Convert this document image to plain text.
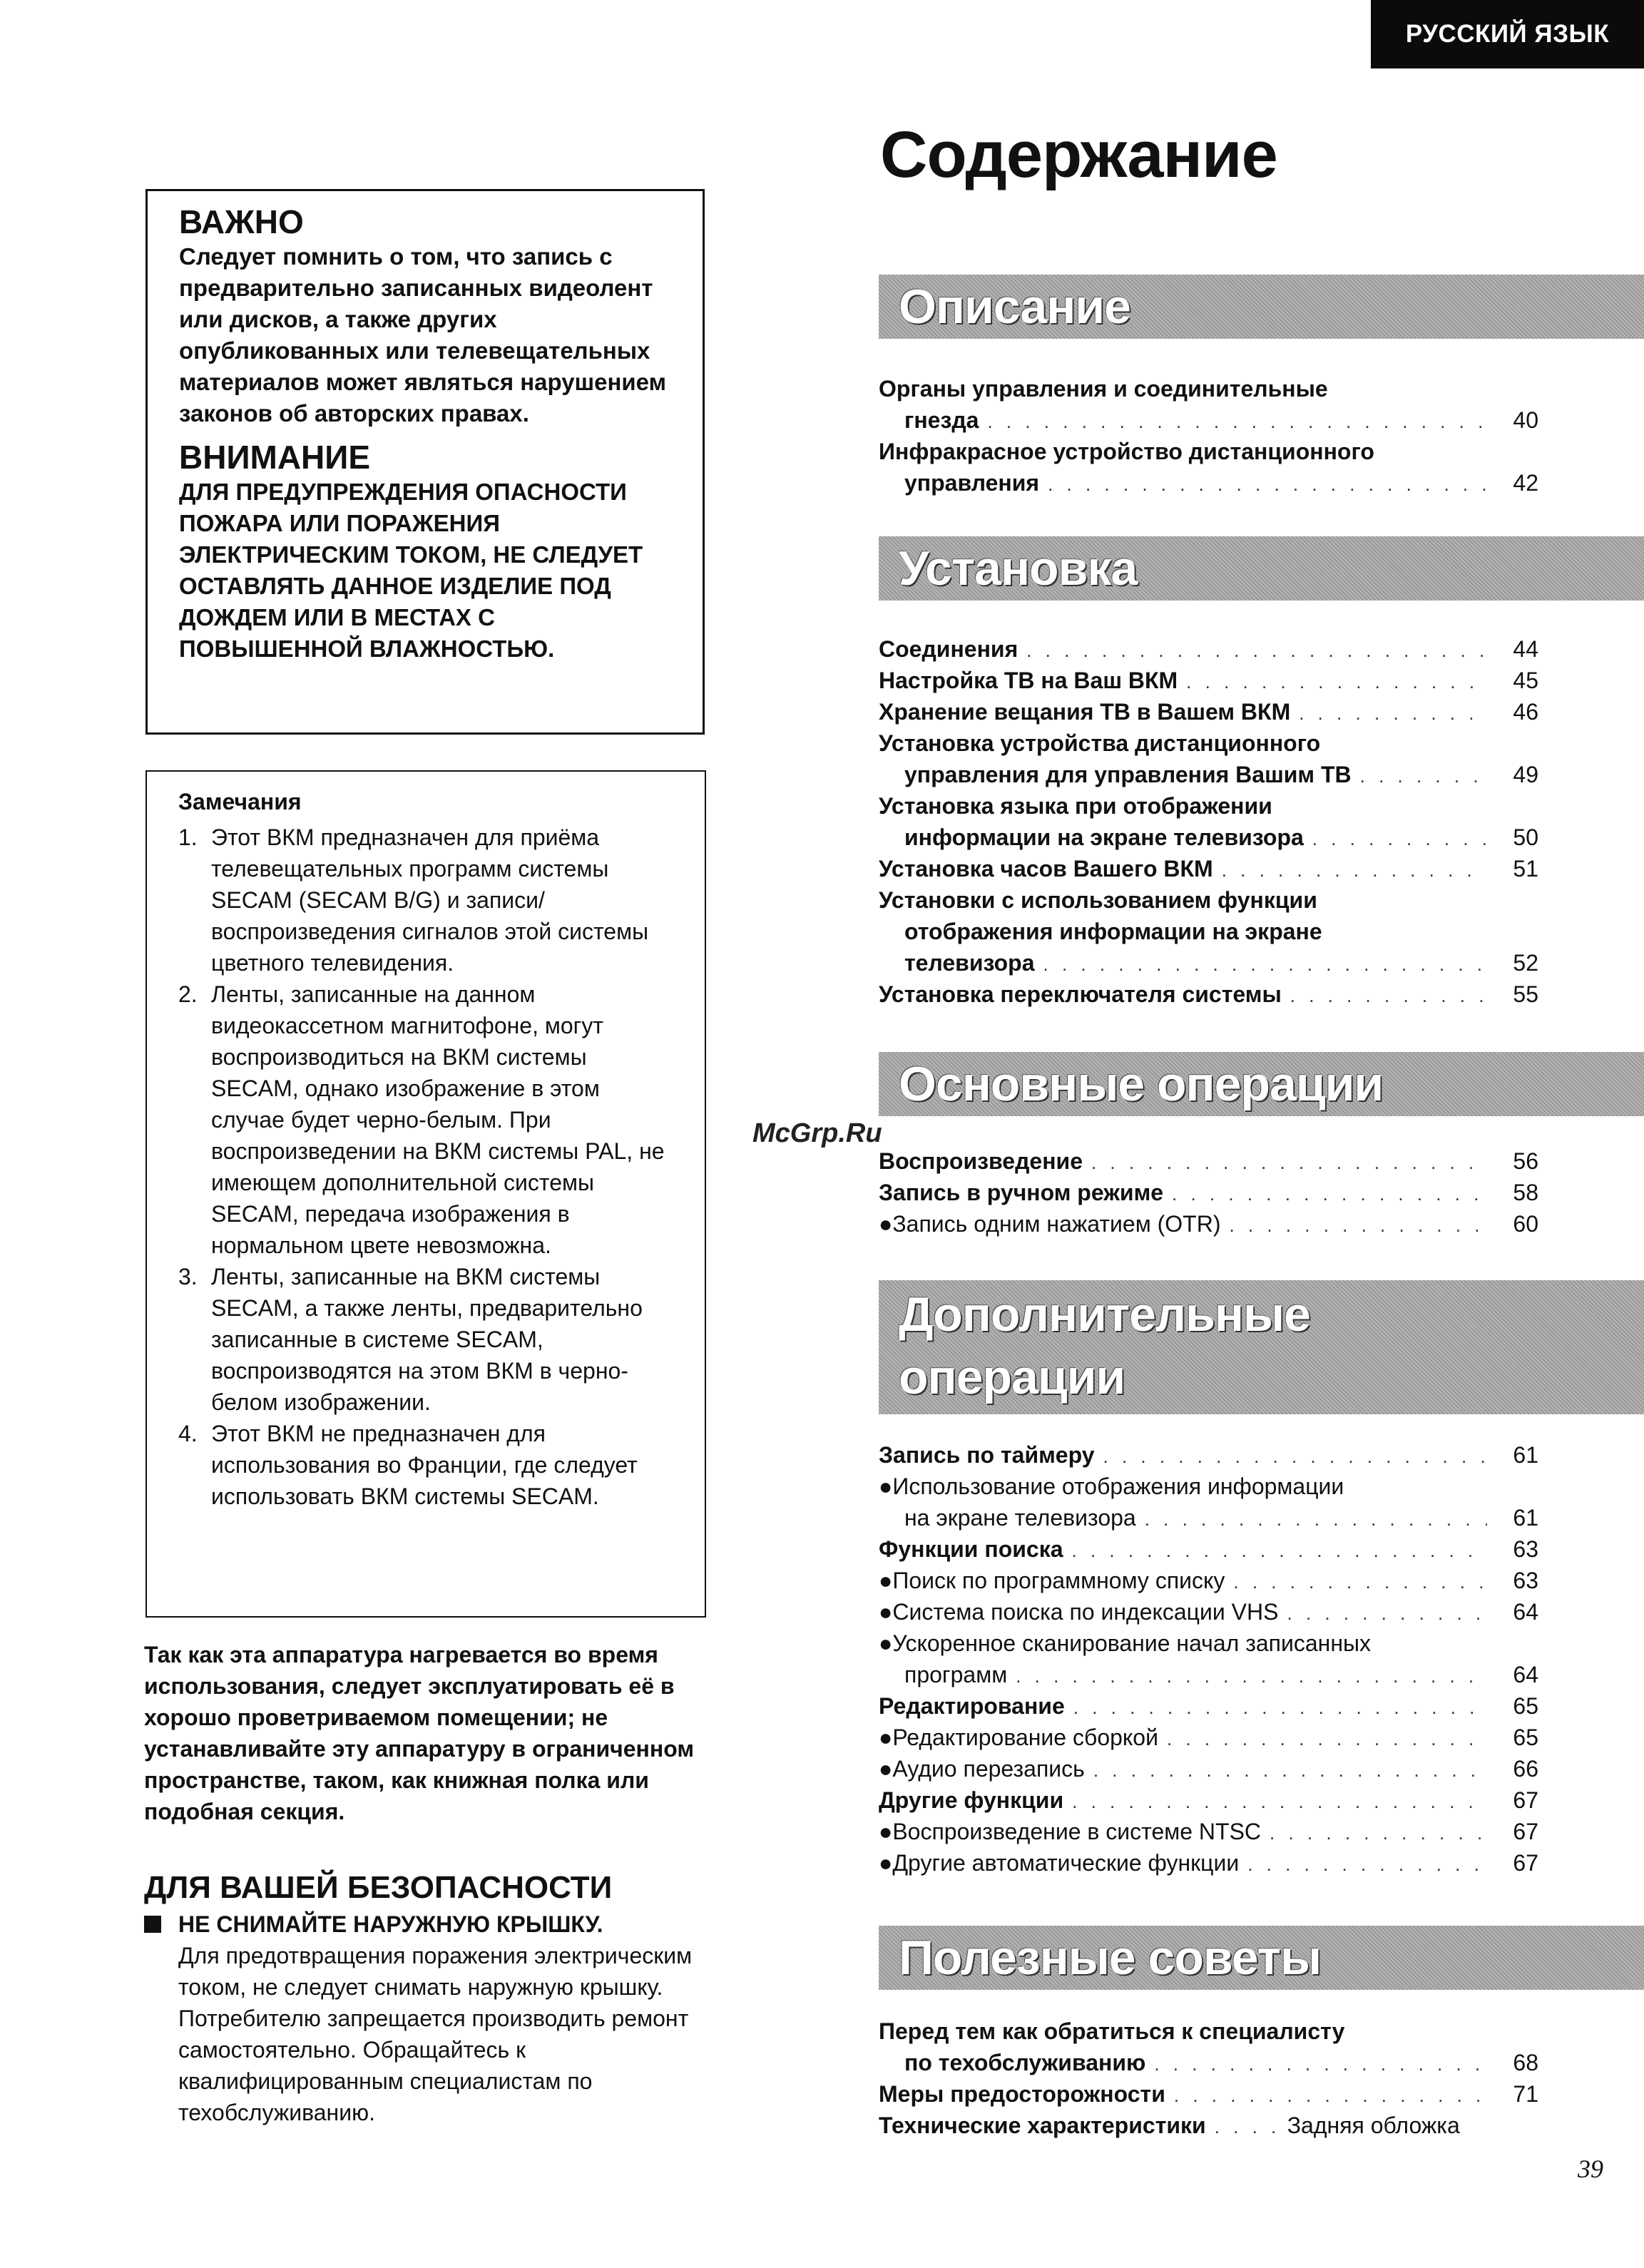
РУССКИЙ ЯЗЫК
Содержание

ВАЖНО

Следует помнить о том, что запись с предварительно записанных видеолент или дисков, а также других опубликованных или телевещательных материалов может являться нарушением законов об авторских правах.

ВНИМАНИЕ

ДЛЯ ПРЕДУПРЕЖДЕНИЯ ОПАСНОСТИ ПОЖАРА ИЛИ ПОРАЖЕНИЯ ЭЛЕКТРИЧЕСКИМ ТОКОМ, НЕ СЛЕДУЕТ ОСТАВЛЯТЬ ДАННОЕ ИЗДЕЛИЕ ПОД ДОЖДЕМ ИЛИ В МЕСТАХ С ПОВЫШЕННОЙ ВЛАЖНОСТЬЮ.

Замечания

1. Этот ВКМ предназначен для приёма телевещательных программ системы SECAM (SECAM B/G) и записи/воспроизведения сигналов этой системы цветного телевидения.
2. Ленты, записанные на данном видеокассетном магнитофоне, могут воспроизводиться на ВКМ системы SECAM, однако изображение в этом случае будет черно-белым. При воспроизведении на ВКМ системы PAL, не имеющем дополнительной системы SECAM, передача изображения в нормальном цвете невозможна.
3. Ленты, записанные на ВКМ системы SECAM, а также ленты, предварительно записанные в системе SECAM, воспроизводятся на этом ВКМ в черно-белом изображении.
4. Этот ВКМ не предназначен для использования во Франции, где следует использовать ВКМ системы SECAM.

Так как эта аппаратура нагревается во время использования, следует эксплуатировать её в хорошо проветриваемом помещении; не устанавливайте эту аппаратуру в ограниченном пространстве, таком, как книжная полка или подобная секция.

ДЛЯ ВАШЕЙ БЕЗОПАСНОСТИ

НЕ СНИМАЙТЕ НАРУЖНУЮ КРЫШКУ.

Для предотвращения поражения электрическим током, не следует снимать наружную крышку. Потребителю запрещается производить ремонт самостоятельно. Обращайтесь к квалифицированным специалистам по техобслуживанию.

Описание
Органы управления и соединительные
гнезда . . .	40
Инфракрасное устройство дистанционного
управления . . .	42
Установка
Соединения . . .	44
Настройка ТВ на Ваш ВКМ . . .	45
Хранение вещания ТВ в Вашем ВКМ . . .	46
Установка устройства дистанционного
управления для управления Вашим ТВ . . .	49
Установка языка при отображении
информации на экране телевизора . . .	50
Установка часов Вашего ВКМ . . .	51
Установки с использованием функции
отображения информации на экране
телевизора . . .	52
Установка переключателя системы . . .	55
Основные операции
Воспроизведение . . .	56
Запись в ручном режиме . . .	58
●Запись одним нажатием (OTR) . . .	60
Дополнительные
операции
Запись по таймеру . . .	61
●Использование отображения информации
на экране телевизора . . .	61
Функции поиска . . .	63
●Поиск по программному списку . . .	63
●Система поиска по индексации VHS . . .	64
●Ускоренное сканирование начал записанных
программ . . .	64
Редактирование . . .	65
●Редактирование сборкой . . .	65
●Аудио перезапись . . .	66
Другие функции . . .	67
●Воспроизведение в системе NTSC . . .	67
●Другие автоматические функции . . .	67
Полезные советы
Перед тем как обратиться к специалисту
по техобслуживанию . . .	68
Меры предосторожности . . .	71
Технические характеристики . . .	Задняя обложка
McGrp.Ru
39
